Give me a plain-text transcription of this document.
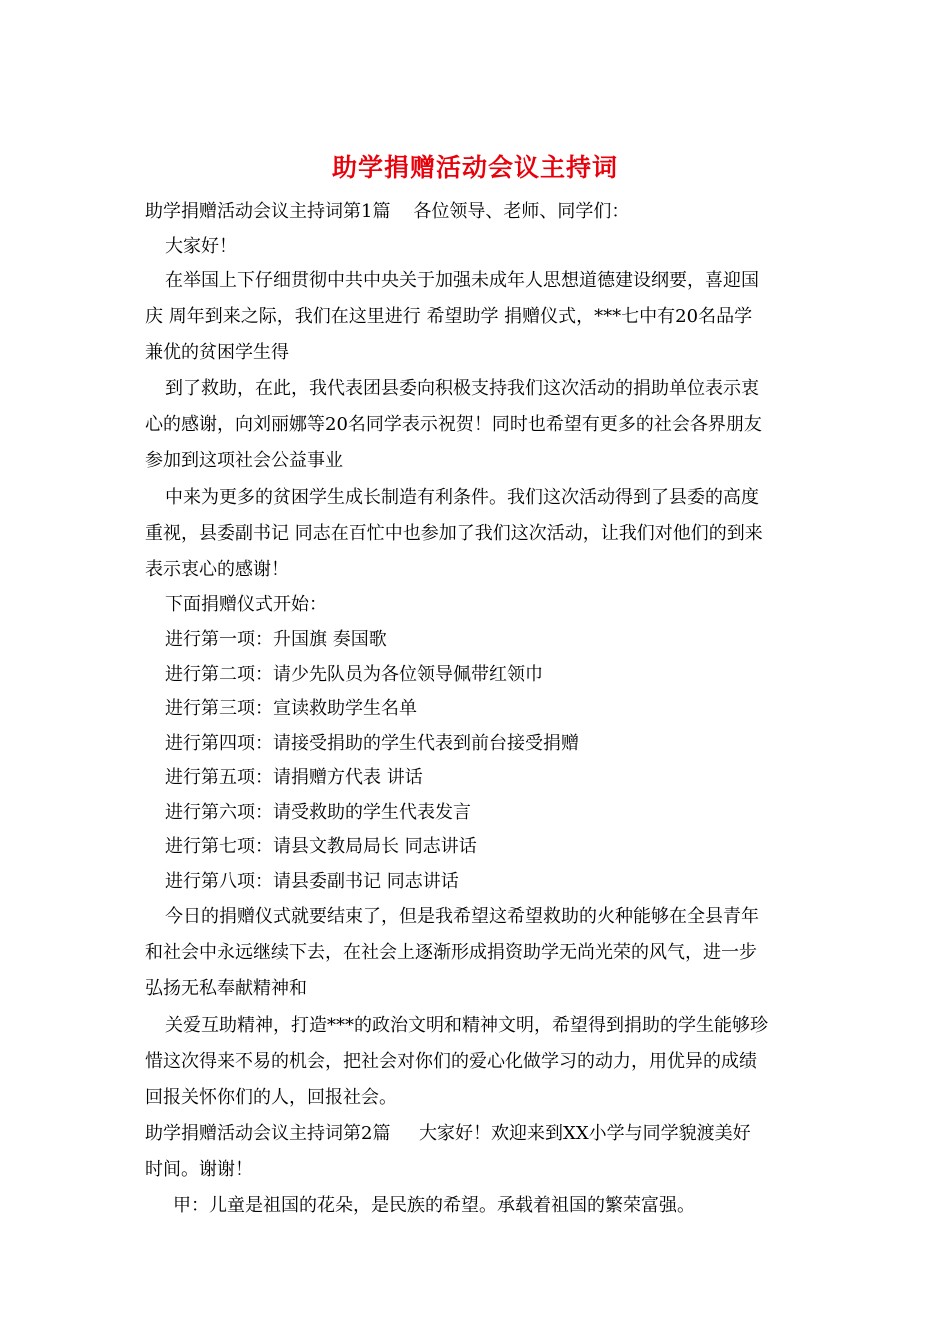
助学捐赠活动会议主持词
助学捐赠活动会议主持词第1篇    各位领导、老师、同学们：
大家好！
在举国上下仔细贯彻中共中央关于加强未成年人思想道德建设纲要，喜迎国
庆 周年到来之际，我们在这里进行 希望助学 捐赠仪式，***七中有20名品学
兼优的贫困学生得
到了救助，在此，我代表团县委向积极支持我们这次活动的捐助单位表示衷
心的感谢，向刘丽娜等20名同学表示祝贺！同时也希望有更多的社会各界朋友
参加到这项社会公益事业
中来为更多的贫困学生成长制造有利条件。我们这次活动得到了县委的高度
重视，县委副书记 同志在百忙中也参加了我们这次活动，让我们对他们的到来
表示衷心的感谢！
下面捐赠仪式开始：
进行第一项：升国旗 奏国歌
进行第二项：请少先队员为各位领导佩带红领巾
进行第三项：宣读救助学生名单
进行第四项：请接受捐助的学生代表到前台接受捐赠
进行第五项：请捐赠方代表 讲话
进行第六项：请受救助的学生代表发言
进行第七项：请县文教局局长 同志讲话
进行第八项：请县委副书记 同志讲话
今日的捐赠仪式就要结束了，但是我希望这希望救助的火种能够在全县青年
和社会中永远继续下去，在社会上逐渐形成捐资助学无尚光荣的风气，进一步
弘扬无私奉献精神和
关爱互助精神，打造***的政治文明和精神文明，希望得到捐助的学生能够珍
惜这次得来不易的机会，把社会对你们的爱心化做学习的动力，用优异的成绩
回报关怀你们的人，回报社会。
助学捐赠活动会议主持词第2篇     大家好！欢迎来到XX小学与同学貌渡美好
时间。谢谢！
甲：儿童是祖国的花朵，是民族的希望。承载着祖国的繁荣富强。
